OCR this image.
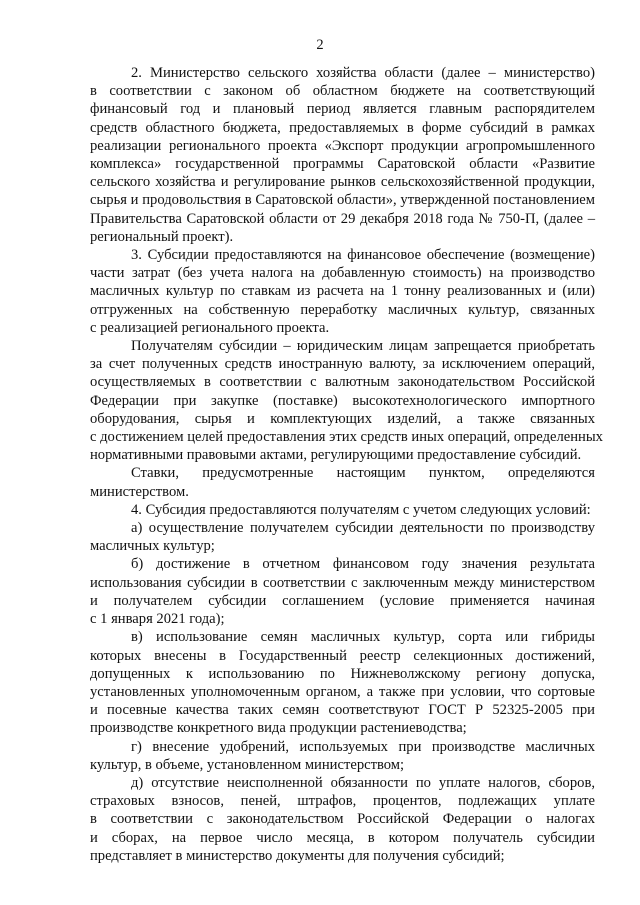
2
2. Министерство сельского хозяйства области (далее – министерство)
в соответствии с законом об областном бюджете на соответствующий
финансовый год и плановый период является главным распорядителем
средств областного бюджета, предоставляемых в форме субсидий в рамках
реализации регионального проекта «Экспорт продукции агропромышленного
комплекса» государственной программы Саратовской области «Развитие
сельского хозяйства и регулирование рынков сельскохозяйственной продукции,
сырья и продовольствия в Саратовской области», утвержденной постановлением
Правительства Саратовской области от 29 декабря 2018 года № 750-П, (далее –
региональный проект).
3. Субсидии предоставляются на финансовое обеспечение (возмещение)
части затрат (без учета налога на добавленную стоимость) на производство
масличных культур по ставкам из расчета на 1 тонну реализованных и (или)
отгруженных на собственную переработку масличных культур, связанных
с реализацией регионального проекта.
Получателям субсидии – юридическим лицам запрещается приобретать
за счет полученных средств иностранную валюту, за исключением операций,
осуществляемых в соответствии с валютным законодательством Российской
Федерации при закупке (поставке) высокотехнологического импортного
оборудования, сырья и комплектующих изделий, а также связанных
с достижением целей предоставления этих средств иных операций, определенных
нормативными правовыми актами, регулирующими предоставление субсидий.
Ставки, предусмотренные настоящим пунктом, определяются
министерством.
4. Субсидия предоставляются получателям с учетом следующих условий:
а) осуществление получателем субсидии деятельности по производству
масличных культур;
б) достижение в отчетном финансовом году значения результата
использования субсидии в соответствии с заключенным между министерством
и получателем субсидии соглашением (условие применяется начиная
с 1 января 2021 года);
в) использование семян масличных культур, сорта или гибриды
которых внесены в Государственный реестр селекционных достижений,
допущенных к использованию по Нижневолжскому региону допуска,
установленных уполномоченным органом, а также при условии, что сортовые
и посевные качества таких семян соответствуют ГОСТ Р 52325-2005 при
производстве конкретного вида продукции растениеводства;
г) внесение удобрений, используемых при производстве масличных
культур, в объеме, установленном министерством;
д) отсутствие неисполненной обязанности по уплате налогов, сборов,
страховых взносов, пеней, штрафов, процентов, подлежащих уплате
в соответствии с законодательством Российской Федерации о налогах
и сборах, на первое число месяца, в котором получатель субсидии
представляет в министерство документы для получения субсидий;
